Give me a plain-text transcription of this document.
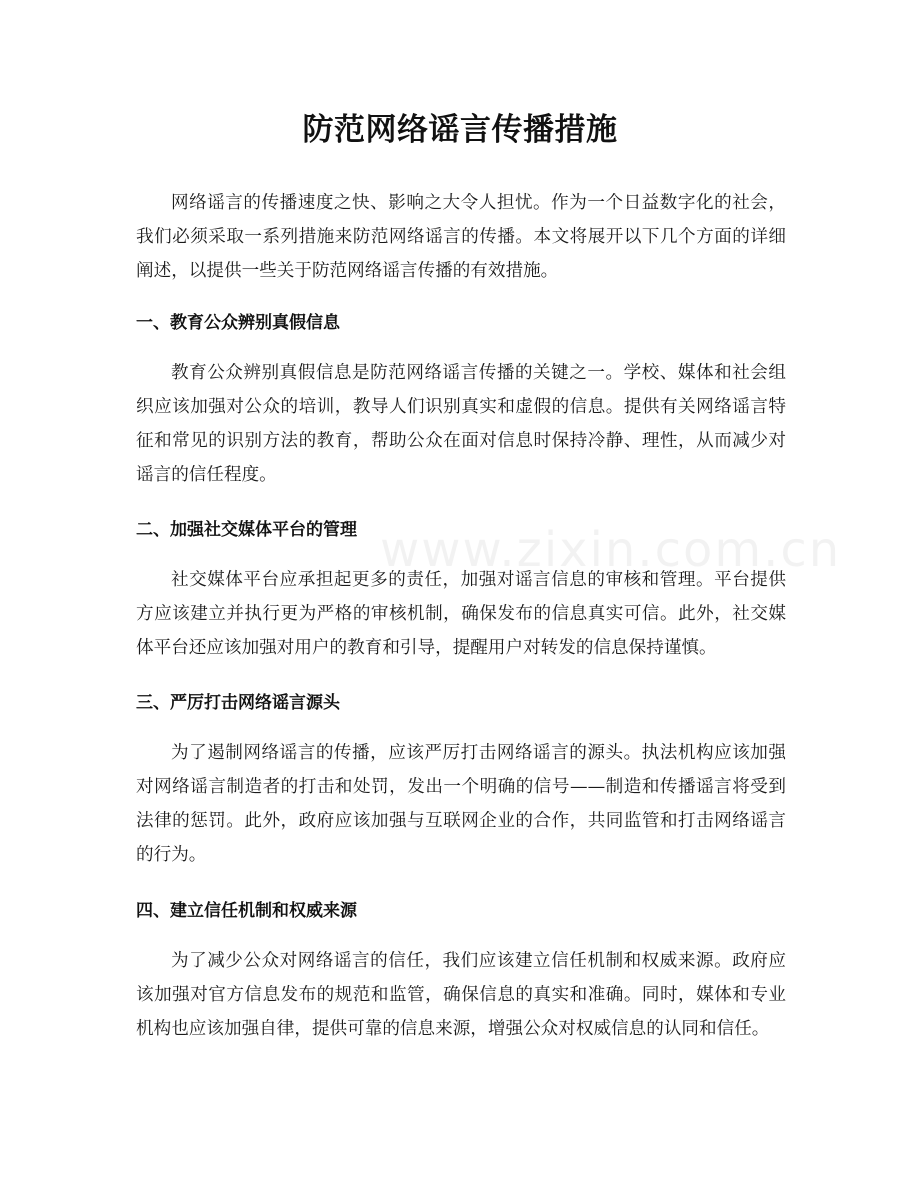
www.zixin.com.cn
防范网络谣言传播措施

网络谣言的传播速度之快、影响之大令人担忧。作为一个日益数字化的社会，我们必须采取一系列措施来防范网络谣言的传播。本文将展开以下几个方面的详细阐述，以提供一些关于防范网络谣言传播的有效措施。

一、教育公众辨别真假信息

教育公众辨别真假信息是防范网络谣言传播的关键之一。学校、媒体和社会组织应该加强对公众的培训，教导人们识别真实和虚假的信息。提供有关网络谣言特征和常见的识别方法的教育，帮助公众在面对信息时保持冷静、理性，从而减少对谣言的信任程度。

二、加强社交媒体平台的管理

社交媒体平台应承担起更多的责任，加强对谣言信息的审核和管理。平台提供方应该建立并执行更为严格的审核机制，确保发布的信息真实可信。此外，社交媒体平台还应该加强对用户的教育和引导，提醒用户对转发的信息保持谨慎。

三、严厉打击网络谣言源头

为了遏制网络谣言的传播，应该严厉打击网络谣言的源头。执法机构应该加强对网络谣言制造者的打击和处罚，发出一个明确的信号——制造和传播谣言将受到法律的惩罚。此外，政府应该加强与互联网企业的合作，共同监管和打击网络谣言的行为。

四、建立信任机制和权威来源

为了减少公众对网络谣言的信任，我们应该建立信任机制和权威来源。政府应该加强对官方信息发布的规范和监管，确保信息的真实和准确。同时，媒体和专业机构也应该加强自律，提供可靠的信息来源，增强公众对权威信息的认同和信任。
